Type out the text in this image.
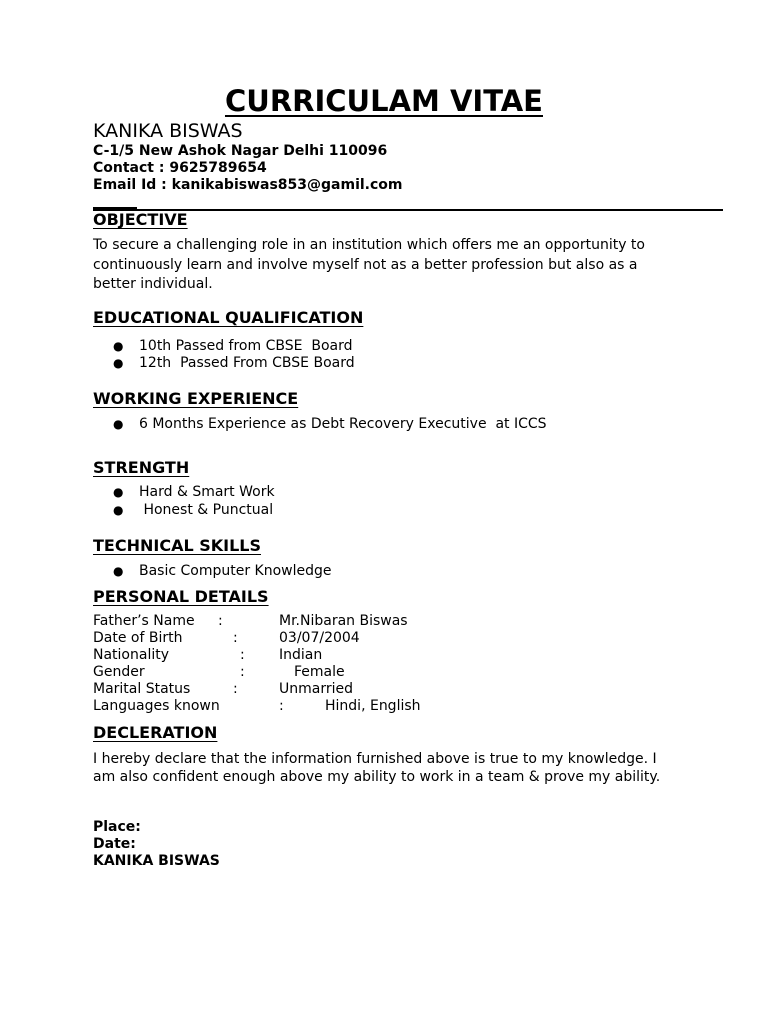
CURRICULAM VITAE
KANIKA BISWAS
C-1/5 New Ashok Nagar Delhi 110096
Contact : 9625789654
Email Id : kanikabiswas853@gamil.com
OBJECTIVE
To secure a challenging role in an institution which offers me an opportunity to continuously learn and involve myself not as a better profession but also as a better individual.
EDUCATIONAL QUALIFICATION
● 10th Passed from CBSE  Board
● 12th  Passed From CBSE Board
WORKING EXPERIENCE
● 6 Months Experience as Debt Recovery Executive  at ICCS
STRENGTH
● Hard & Smart Work
● Honest & Punctual
TECHNICAL SKILLS
● Basic Computer Knowledge
PERSONAL DETAILS
Father’s Name :	Mr.Nibaran Biswas
Date of Birth	:	03/07/2004
Nationality	: Indian
Gender	:	Female
Marital Status	:	Unmarried
Languages known	:	Hindi, English
DECLERATION
I hereby declare that the information furnished above is true to my knowledge. I am also confident enough above my ability to work in a team & prove my ability.
Place:
Date:
KANIKA BISWAS
